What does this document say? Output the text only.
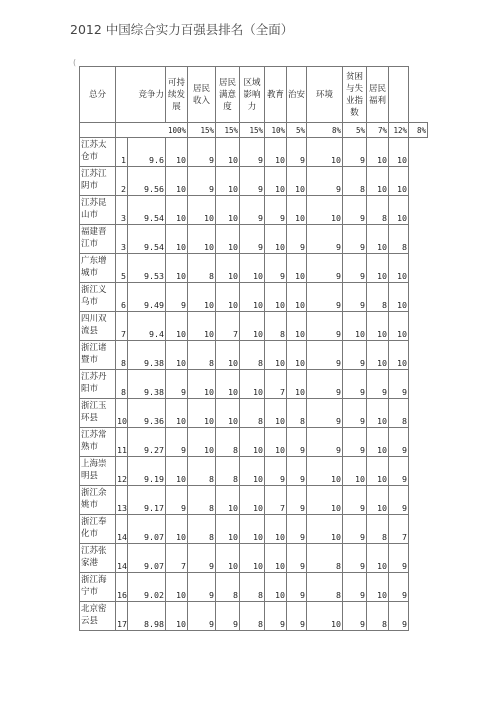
2012 中国综合实力百强县排名（全面）
(
总分	竞争力		可持续发展	居民收入	居民满意度	区域影响力	教育	治安	环境	贫困与失业指数	居民福利		
	100%			15%	15%	15%	10%	5%	8%	5%	7%	12%	8%
江苏太仓市	1	9.6	10	9	10	9	10	9	10	9	10	10	
江苏江阴市	2	9.56	10	9	10	9	10	10	9	8	10	10	
江苏昆山市	3	9.54	10	10	10	9	9	10	10	9	8	10	
福建晋江市	3	9.54	10	10	10	9	10	9	9	9	10	8	
广东增城市	5	9.53	10	8	10	10	9	10	9	9	10	10	
浙江义乌市	6	9.49	9	10	10	10	10	10	9	9	8	10	
四川双流县	7	9.4	10	10	7	10	8	10	9	10	10	10	
浙江诸暨市	8	9.38	10	8	10	8	10	10	9	9	10	10	
江苏丹阳市	8	9.38	9	10	10	10	7	10	9	9	9	9	
浙江玉环县	10	9.36	10	10	10	8	10	8	9	9	10	8	
江苏常熟市	11	9.27	9	10	8	10	10	9	9	9	10	9	
上海崇明县	12	9.19	10	8	8	10	9	9	10	10	10	9	
浙江余姚市	13	9.17	9	8	10	10	7	9	10	9	10	9	
浙江奉化市	14	9.07	10	8	10	10	10	9	10	9	8	7	
江苏张家港	14	9.07	7	9	10	10	10	9	8	9	10	9	
浙江海宁市	16	9.02	10	9	8	8	10	9	8	9	10	9	
北京密云县	17	8.98	10	9	9	8	9	9	10	9	8	9	
